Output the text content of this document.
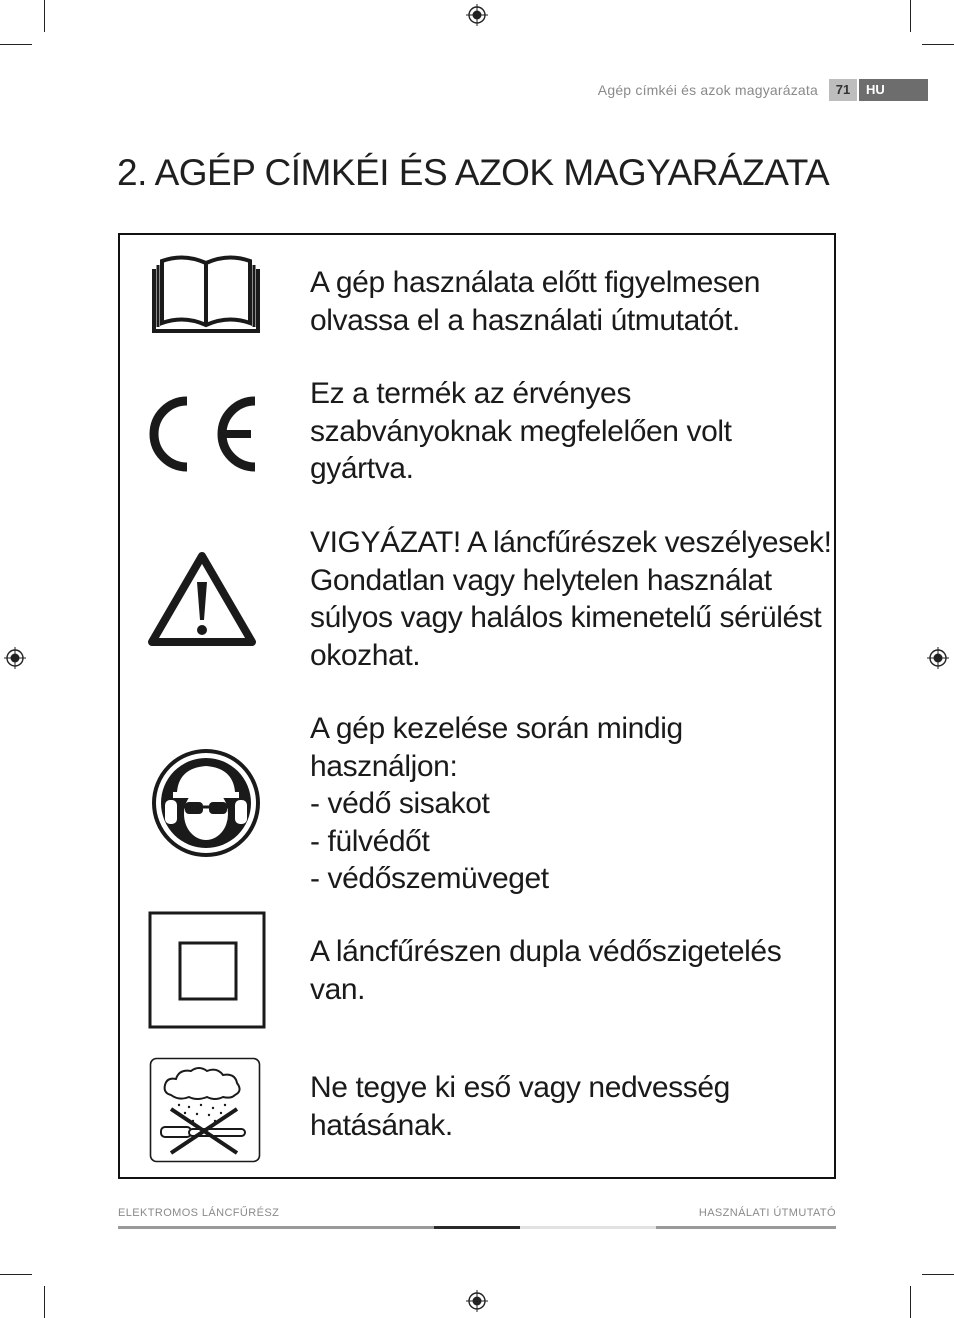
Agép címkéi és azok magyarázata	71	HU
2. AGÉP CÍMKÉI ÉS AZOK MAGYARÁZATA
A gép használata előtt figyelmesen
olvassa el a használati útmutatót.
Ez a termék az érvényes
szabványoknak megfelelően volt
gyártva.
VIGYÁZAT! A láncfűrészek veszélyesek!
Gondatlan vagy helytelen használat
súlyos vagy halálos kimenetelű sérülést
okozhat.
A gép kezelése során mindig
használjon:
- védő sisakot
- fülvédőt
- védőszemüveget
A láncfűrészen dupla védőszigetelés
van.
Ne tegye ki eső vagy nedvesség
hatásának.
ELEKTROMOS LÁNCFŰRÉSZ	HASZNÁLATI ÚTMUTATÓ
